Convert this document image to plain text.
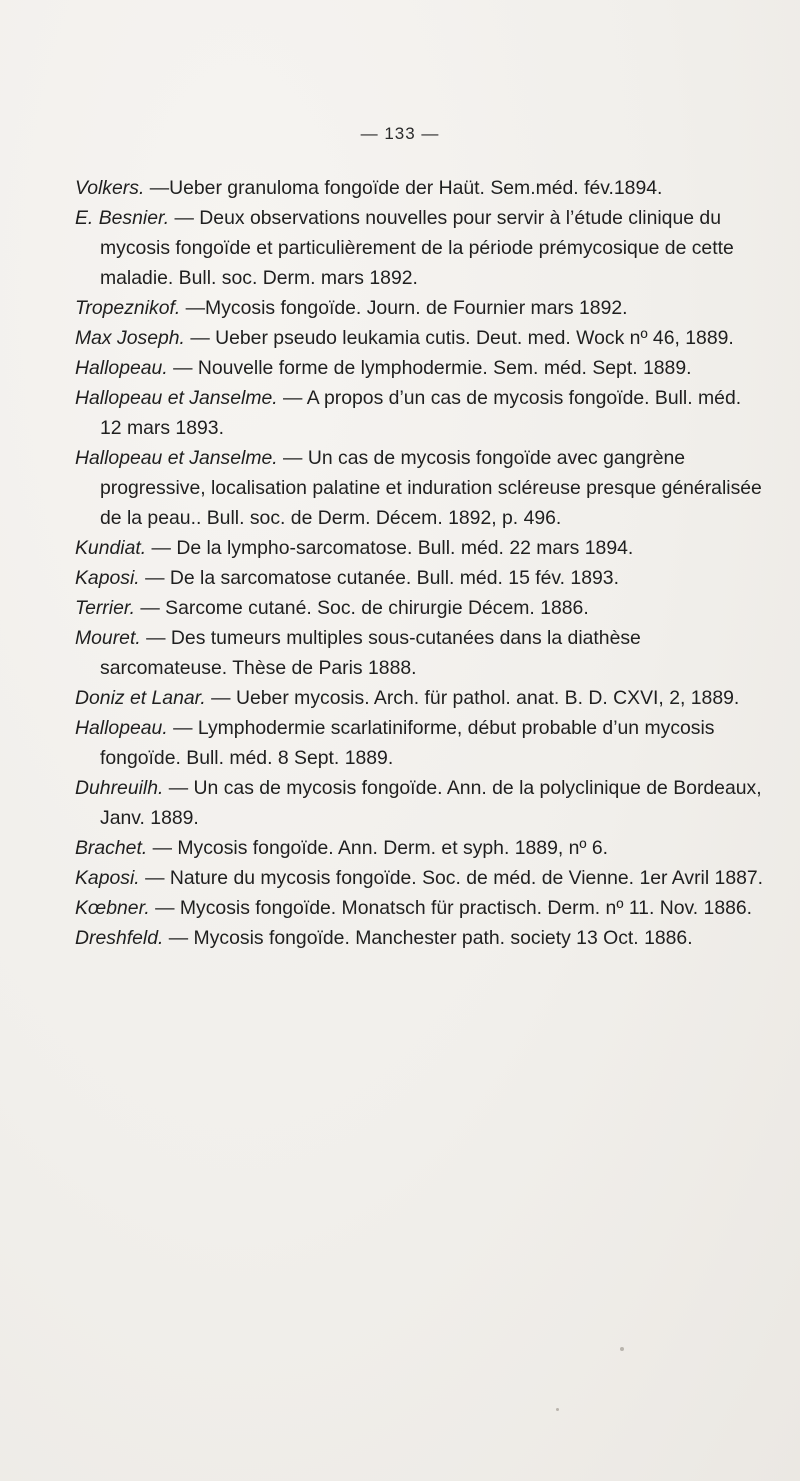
— 133 —

Volkers. —Ueber granuloma fongoïde der Haüt. Sem.méd. fév.1894.

E. Besnier. — Deux observations nouvelles pour servir à l’étude clinique du mycosis fongoïde et particulièrement de la période prémycosique de cette maladie. Bull. soc. Derm. mars 1892.

Tropeznikof. —Mycosis fongoïde. Journ. de Fournier mars 1892.

Max Joseph. — Ueber pseudo leukamia cutis. Deut. med. Wock nº 46, 1889.

Hallopeau. — Nouvelle forme de lymphodermie. Sem. méd. Sept. 1889.

Hallopeau et Janselme. — A propos d’un cas de mycosis fongoïde. Bull. méd. 12 mars 1893.

Hallopeau et Janselme. — Un cas de mycosis fongoïde avec gangrène progressive, localisation palatine et induration scléreuse presque généralisée de la peau.. Bull. soc. de Derm. Décem. 1892, p. 496.

Kundiat. — De la lympho-sarcomatose. Bull. méd. 22 mars 1894.

Kaposi. — De la sarcomatose cutanée. Bull. méd. 15 fév. 1893.

Terrier. — Sarcome cutané. Soc. de chirurgie Décem. 1886.

Mouret. — Des tumeurs multiples sous-cutanées dans la diathèse sarcomateuse. Thèse de Paris 1888.

Doniz et Lanar. — Ueber mycosis. Arch. für pathol. anat. B. D. CXVI, 2, 1889.

Hallopeau. — Lymphodermie scarlatiniforme, début probable d’un mycosis fongoïde. Bull. méd. 8 Sept. 1889.

Duhreuilh. — Un cas de mycosis fongoïde. Ann. de la polyclinique de Bordeaux, Janv. 1889.

Brachet. — Mycosis fongoïde. Ann. Derm. et syph. 1889, nº 6.

Kaposi. — Nature du mycosis fongoïde. Soc. de méd. de Vienne. 1er Avril 1887.

Kœbner. — Mycosis fongoïde. Monatsch für practisch. Derm. nº 11. Nov. 1886.

Dreshfeld. — Mycosis fongoïde. Manchester path. society 13 Oct. 1886.
